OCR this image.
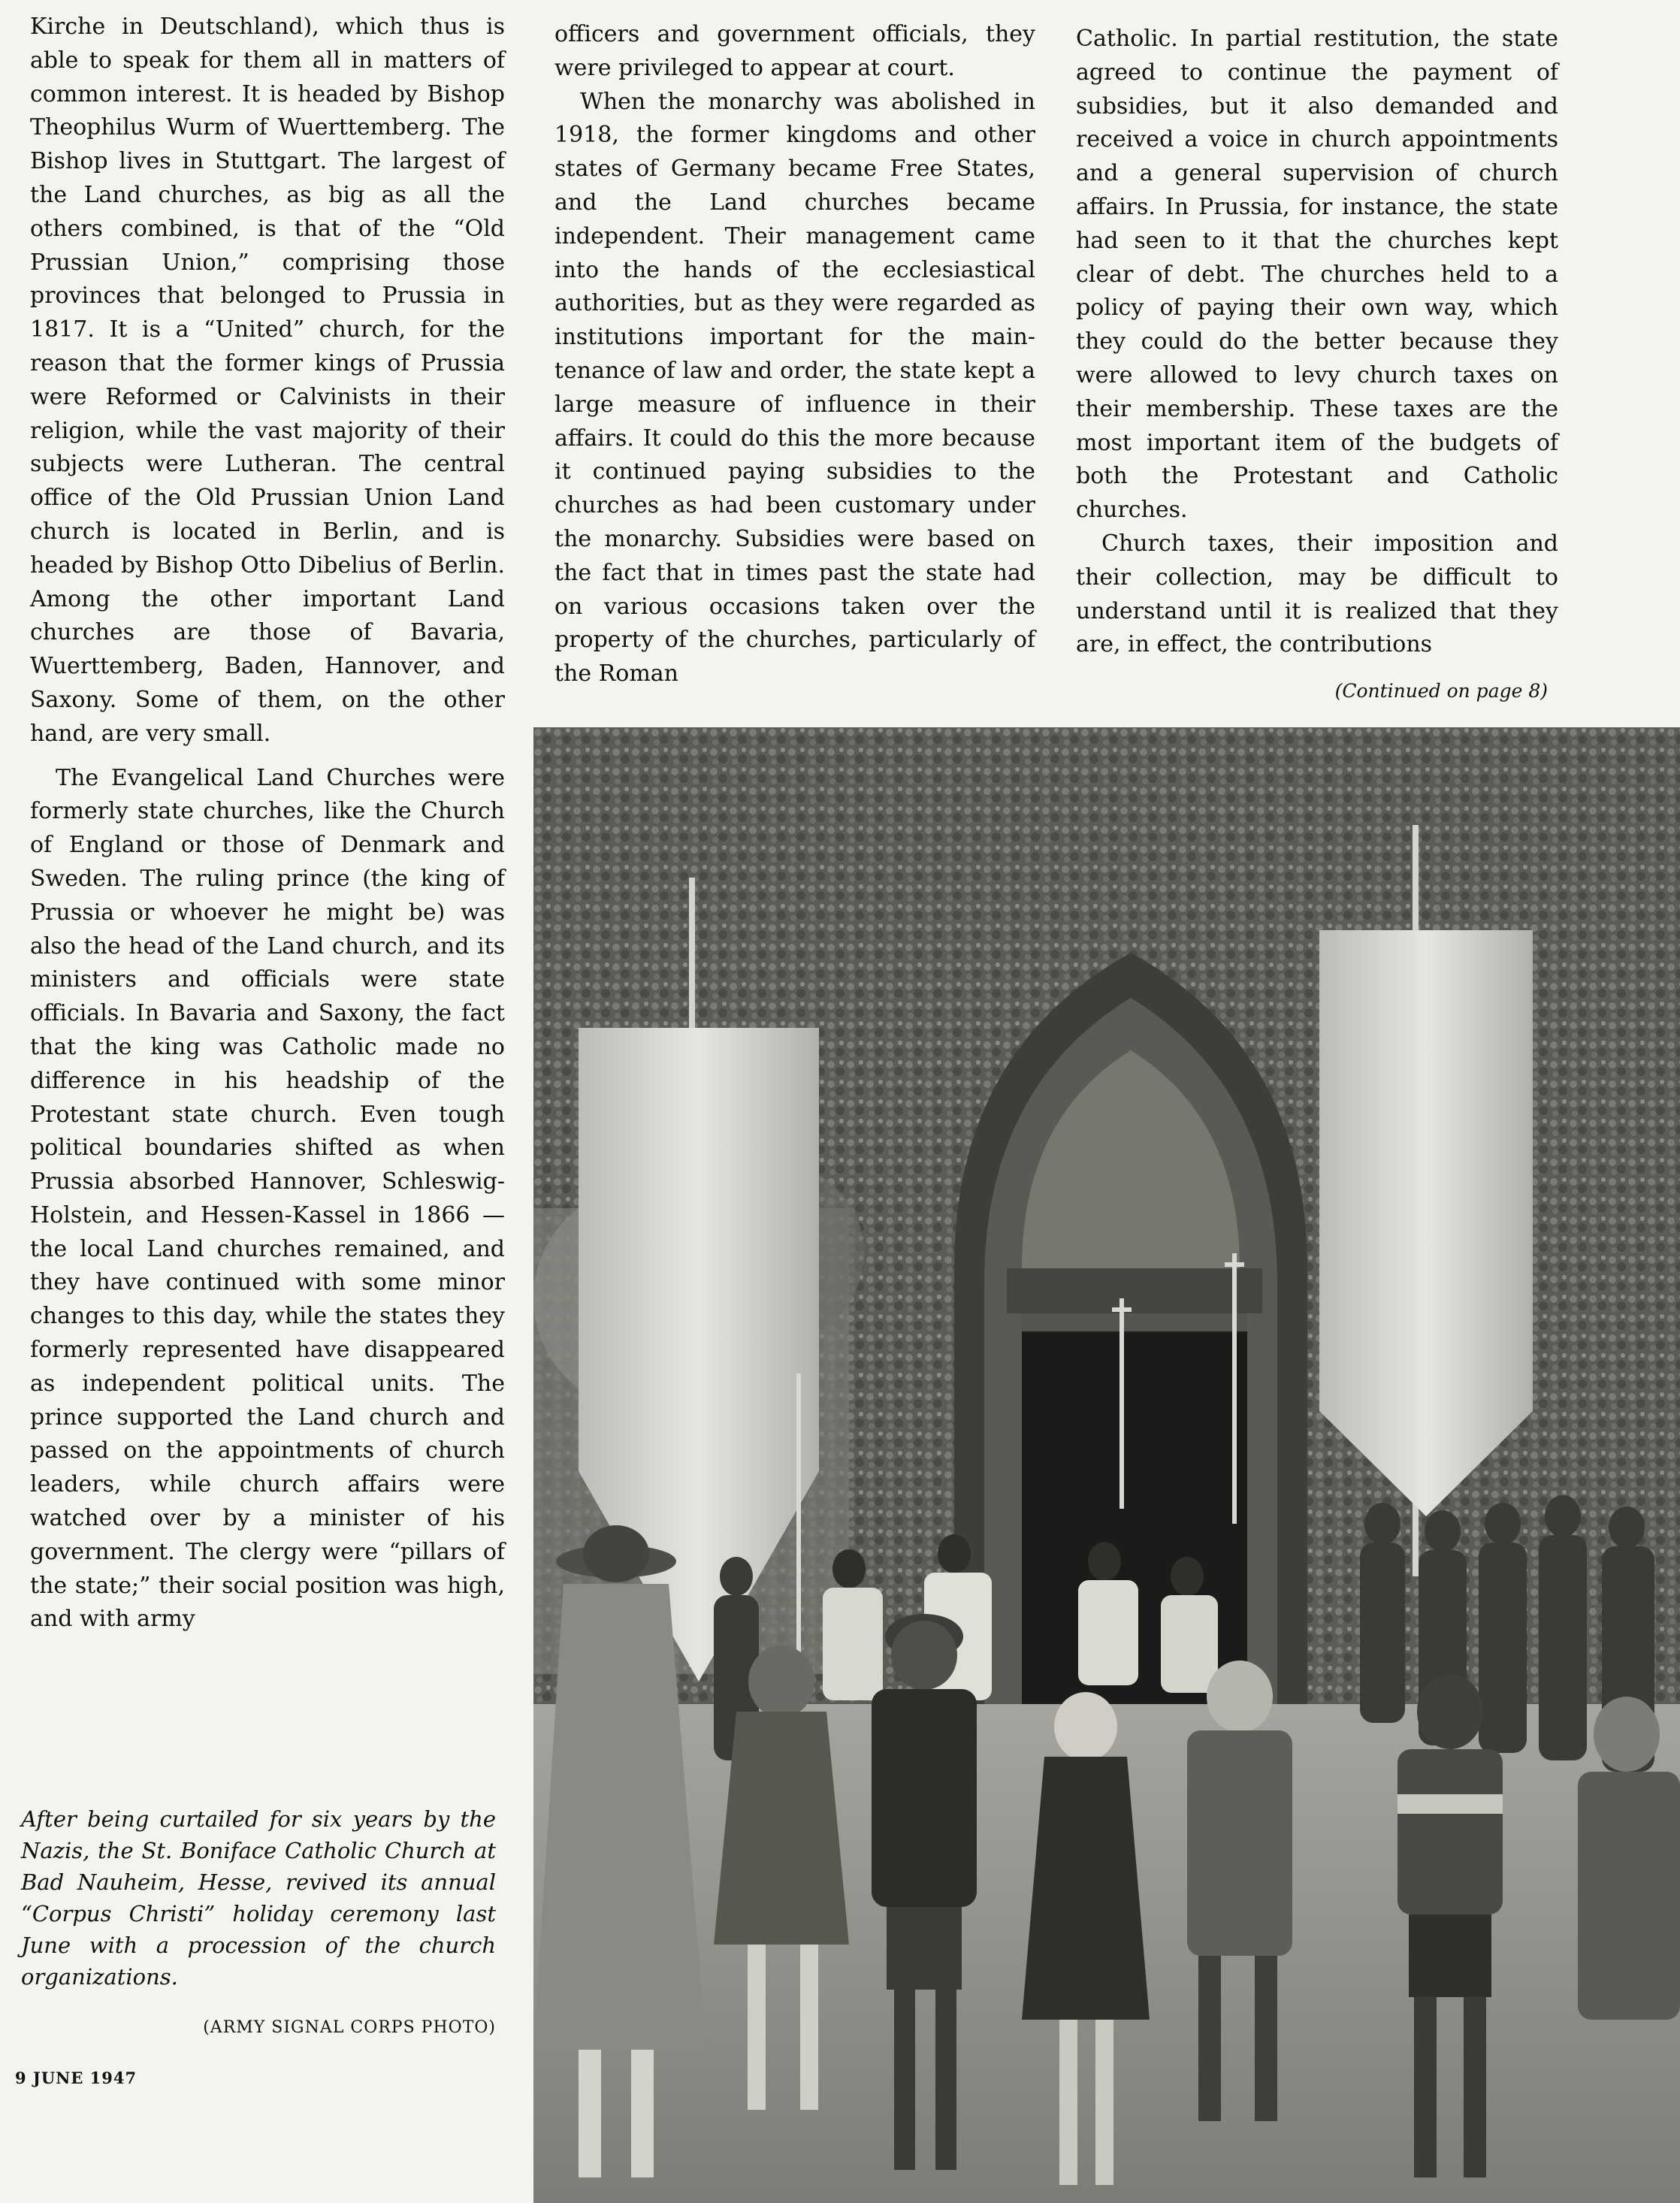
Kirche in Deutschland), which thus is able to speak for them all in matters of common interest. It is headed by Bishop Theophilus Wurm of Wuerttemberg. The Bishop lives in Stuttgart. The largest of the Land churches, as big as all the others combined, is that of the “Old Prussian Union,” comprising those provinces that belonged to Prussia in 1817. It is a “United” church, for the reason that the former kings of Prussia were Reformed or Calvinists in their religion, while the vast majority of their subjects were Lutheran. The central office of the Old Prussian Union Land church is located in Berlin, and is headed by Bishop Otto Dibelius of Berlin. Among the other important Land churches are those of Bavaria, Wuerttemberg, Baden, Hannover, and Saxony. Some of them, on the other hand, are very small.

The Evangelical Land Churches were formerly state churches, like the Church of England or those of Denmark and Sweden. The ruling prince (the king of Prussia or whoever he might be) was also the head of the Land church, and its ministers and officials were state officials. In Bavaria and Saxony, the fact that the king was Catholic made no difference in his headship of the Protestant state church. Even tough political boundaries shifted as when Prussia absorbed Hannover, Schleswig-Holstein, and Hessen-Kassel in 1866 — the local Land churches remained, and they have continued with some minor changes to this day, while the states they formerly represented have disappeared as independent political units. The prince supported the Land church and passed on the appointments of church leaders, while church affairs were watched over by a minister of his government. The clergy were “pillars of the state;” their social position was high, and with army

officers and government officials, they were privileged to appear at court.

When the monarchy was abolished in 1918, the former kingdoms and other states of Germany became Free States, and the Land churches became independent. Their management came into the hands of the ecclesiastical authorities, but as they were regarded as institutions important for the maintenance of law and order, the state kept a large measure of influence in their affairs. It could do this the more because it continued paying subsidies to the churches as had been customary under the monarchy. Subsidies were based on the fact that in times past the state had on various occasions taken over the property of the churches, particularly of the Roman

Catholic. In partial restitution, the state agreed to continue the payment of subsidies, but it also demanded and received a voice in church appointments and a general supervision of church affairs. In Prussia, for instance, the state had seen to it that the churches kept clear of debt. The churches held to a policy of paying their own way, which they could do the better because they were allowed to levy church taxes on their membership. These taxes are the most important item of the budgets of both the Protestant and Catholic churches.

Church taxes, their imposition and their collection, may be difficult to understand until it is realized that they are, in effect, the contributions

(Continued on page 8)
After being curtailed for six years by the Nazis, the St. Boniface Catholic Church at Bad Nauheim, Hesse, revived its annual “Corpus Christi” holiday ceremony last June with a procession of the church organizations.
(ARMY SIGNAL CORPS PHOTO)
9 JUNE 1947
